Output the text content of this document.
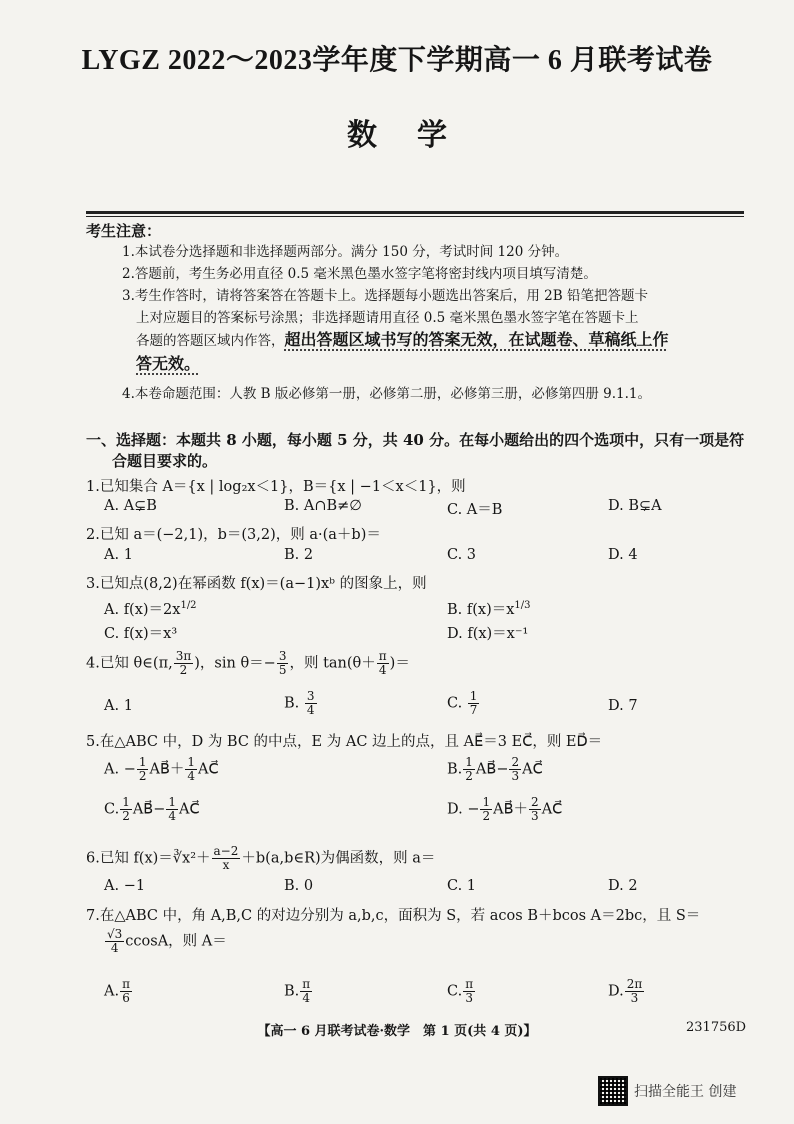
LYGZ 2022～2023学年度下学期高一 6 月联考试卷
数学
考生注意：
1.本试卷分选择题和非选择题两部分。满分 150 分，考试时间 120 分钟。
2.答题前，考生务必用直径 0.5 毫米黑色墨水签字笔将密封线内项目填写清楚。
3.考生作答时，请将答案答在答题卡上。选择题每小题选出答案后，用 2B 铅笔把答题卡
上对应题目的答案标号涂黑；非选择题请用直径 0.5 毫米黑色墨水签字笔在答题卡上
各题的答题区域内作答，超出答题区域书写的答案无效，在试题卷、草稿纸上作
答无效。
4.本卷命题范围：人教 B 版必修第一册，必修第二册，必修第三册，必修第四册 9.1.1。
一、选择题：本题共 8 小题，每小题 5 分，共 40 分。在每小题给出的四个选项中，只有一项是符
合题目要求的。
1.已知集合 A＝{x | log₂x＜1}，B＝{x | −1＜x＜1}，则
A. A⊊B	B. A∩B≠∅	C. A＝B	D. B⊊A
2.已知 a＝(−2,1)，b＝(3,2)，则 a·(a＋b)＝
A. 1	B. 2	C. 3	D. 4
3.已知点(8,2)在幂函数 f(x)＝(a−1)xᵇ 的图象上，则
A. $f(x)=2x^{1/2}$	B. $f(x)=x^{1/3}$
C. f(x)＝x³	D. f(x)＝x⁻¹
4.已知 θ∈(π, $\frac{3\pi}{2}$ )，$\sin \theta=- \frac{3}{5}$ ，则 $\tan(\theta+ \frac{\pi}{4}$ )＝
A. 1	B. $\frac{3}{4}$	C. $\frac{1}{7}$	D. 7
5.在△ABC 中，D 为 BC 的中点，E 为 AC 边上的点，且 AE⃗＝3 EC⃗，则 ED⃗＝
A. − $\frac{1}{2}$ AB⃗＋ $\frac{1}{4}$ AC⃗	B. $\frac{1}{2}$ AB⃗− $\frac{2}{3}$ AC⃗
C. $\frac{1}{2}$ AB⃗− $\frac{1}{4}$ AC⃗	D. − $\frac{1}{2}$ AB⃗＋ $\frac{2}{3}$ AC⃗
6.已知 f(x)＝∛x²＋ $\frac{a-2}{x}$ ＋b(a,b∈R)为偶函数，则 a＝
A. −1	B. 0	C. 1	D. 2
7.在△ABC 中，角 A,B,C 的对边分别为 a,b,c，面积为 S，若 acos B＋bcos A＝2bc，且 S＝
$\frac{√3}{4}$ ccosA，则 A＝
A. $\frac{\pi}{6}$	B. $\frac{\pi}{4}$	C. $\frac{\pi}{3}$	D. $\frac{2\pi}{3}$
【高一 6 月联考试卷·数学　第 1 页(共 4 页)】	231756D
扫描全能王 创建
